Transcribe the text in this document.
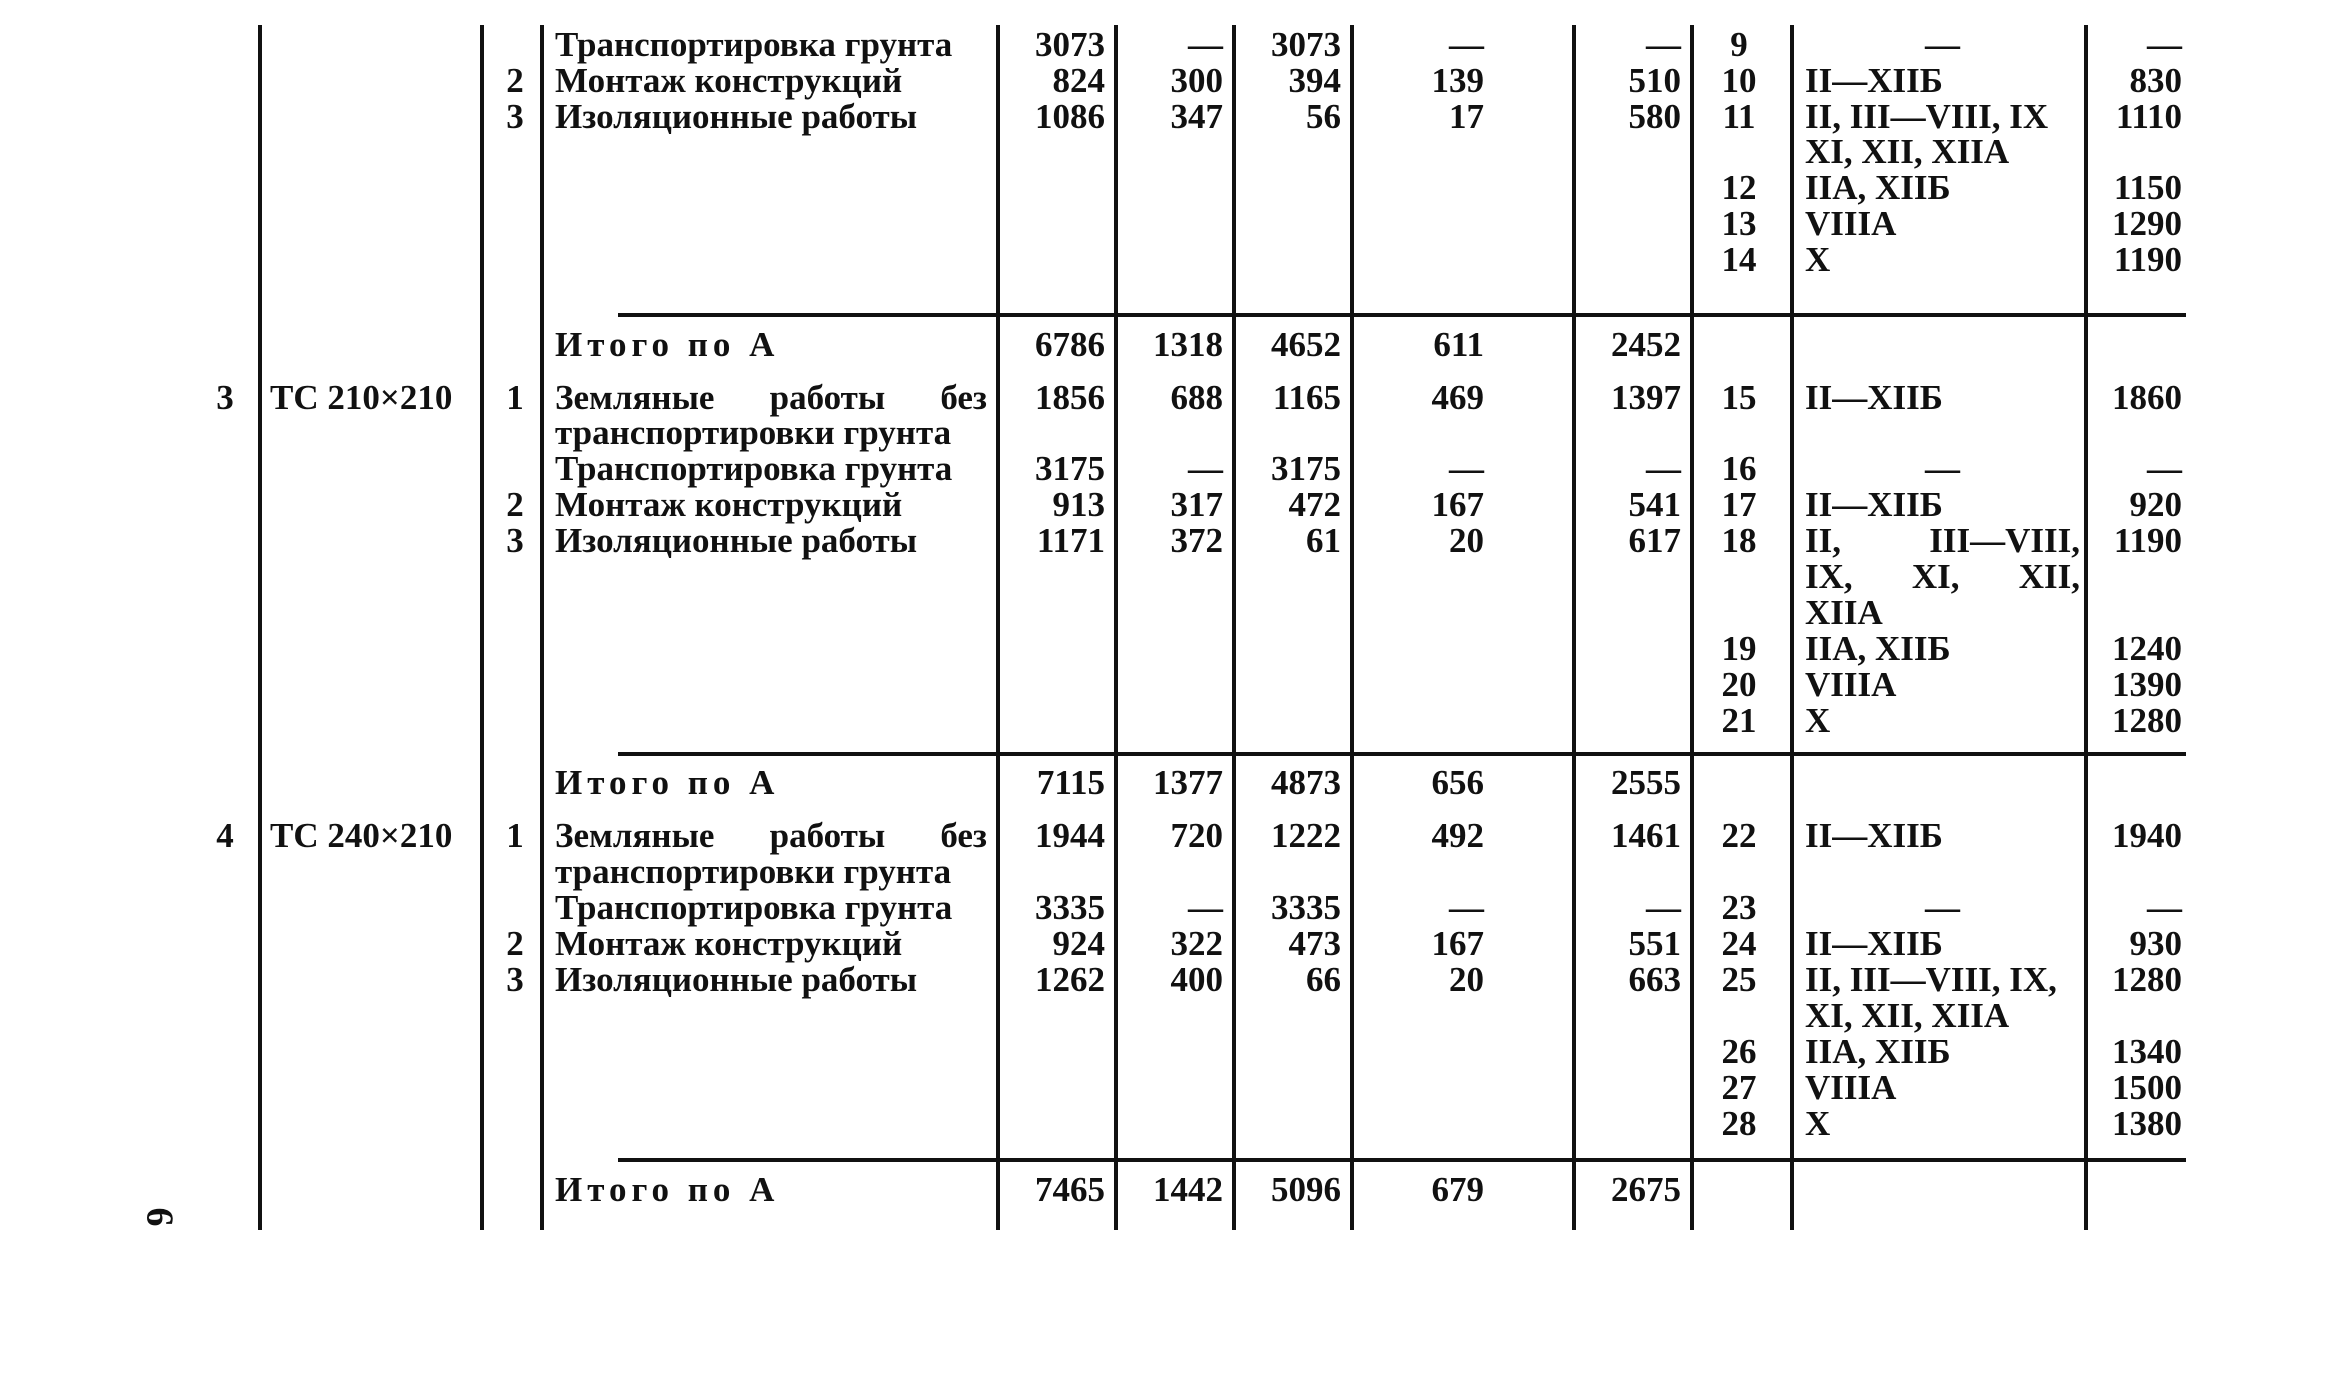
Транспортировка грунта	3073	—	3073	—	—	9	—	—
2 Монтаж конструкций	824	300	394	139	510	10	II—XIIБ	830
3 Изоляционные работы	1086	347	56	17	580	11	II, III—VIII, IX	1110
XI, XII, XIIA
12	IIA, XIIБ	1150
13	VIIIA	1290
14	X	1190
Итого по А	6786	1318	4652	611	2452
3	ТС 210×210	1 Земляные работы без	1856	688	1165	469	1397	15	II—XIIБ	1860
транспортировки грунта
Транспортировка грунта	3175	—	3175	—	—	16	—	—
2 Монтаж конструкций	913	317	472	167	541	17	II—XIIБ	920
3 Изоляционные работы	1171	372	61	20	617	18	II, III—VIII, 1190
IX, XI, XII,
XIIA
19	IIA, XIIБ	1240
20	VIIIA	1390
21	X	1280
Итого по А	7115	1377	4873	656	2555
4	ТС 240×210	1 Земляные работы без	1944	720	1222	492	1461	22	II—XIIБ	1940
транспортировки грунта
Транспортировка грунта	3335	—	3335	—	—	23	—	—
2 Монтаж конструкций	924	322	473	167	551	24	II—XIIБ	930
3 Изоляционные работы	1262	400	66	20	663	25	II, III—VIII, IX,	1280
XI, XII, XIIA
26	IIA, XIIБ	1340
27	VIIIA	1500
28	X	1380
Итого по А	7465	1442	5096	679	2675
6
